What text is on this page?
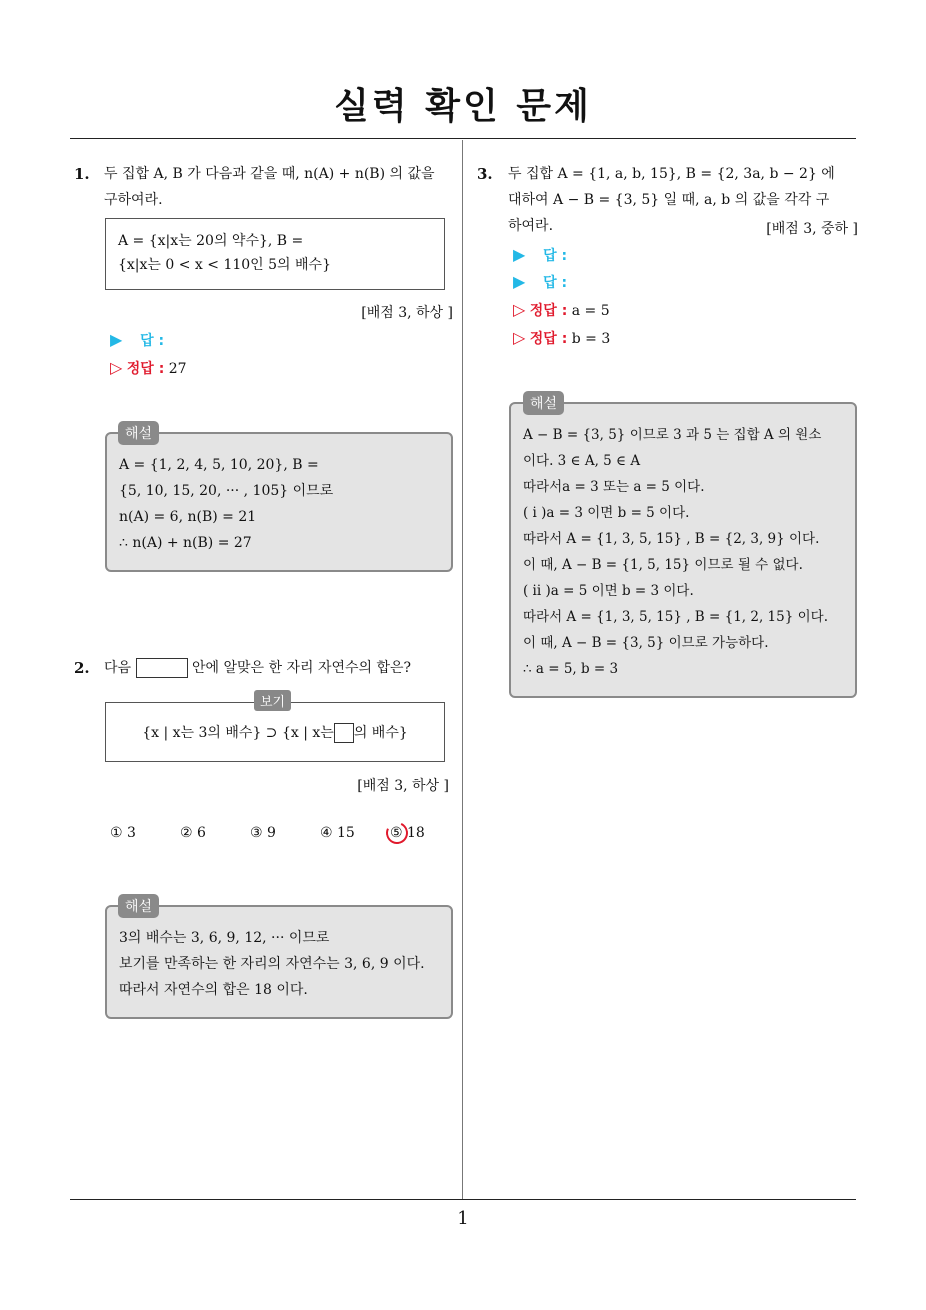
실력 확인 문제
1. 두 집합 A, B 가 다음과 같을 때, n(A) + n(B) 의 값을
구하여라.
A = {x|x는 20의 약수}, B =
{x|x는 0 < x < 110인 5의 배수}
[배점 3, 하상 ]
▶ 답 :
▷ 정답 : 27
A = {1, 2, 4, 5, 10, 20}, B =
{5, 10, 15, 20, ··· , 105} 이므로
n(A) = 6, n(B) = 21
∴ n(A) + n(B) = 27
해설
2. 다음	안에 알맞은 한 자리 자연수의 합은?
{x | x는 3의 배수} ⊃ {x | x는 의 배수}
보기
[배점 3, 하상 ]
① 3	② 6	③ 9	④ 15	⑤ 18
3의 배수는 3, 6, 9, 12, ··· 이므로
보기를 만족하는 한 자리의 자연수는 3, 6, 9 이다.
따라서 자연수의 합은 18 이다.
해설
3. 두 집합 A = {1, a, b, 15}, B = {2, 3a, b − 2} 에
대하여 A − B = {3, 5} 일 때, a, b 의 값을 각각 구
하여라.	[배점 3, 중하 ]
▶ 답 :
▶ 답 :
▷ 정답 : a = 5
▷ 정답 : b = 3
A − B = {3, 5} 이므로 3 과 5 는 집합 A 의 원소
이다. 3 ∈ A, 5 ∈ A
따라서a = 3 또는 a = 5 이다.
( i )a = 3 이면 b = 5 이다.
따라서 A = {1, 3, 5, 15} , B = {2, 3, 9} 이다.
이 때, A − B = {1, 5, 15} 이므로 될 수 없다.
( ii )a = 5 이면 b = 3 이다.
따라서 A = {1, 3, 5, 15} , B = {1, 2, 15} 이다.
이 때, A − B = {3, 5} 이므로 가능하다.
∴ a = 5, b = 3
해설
1
